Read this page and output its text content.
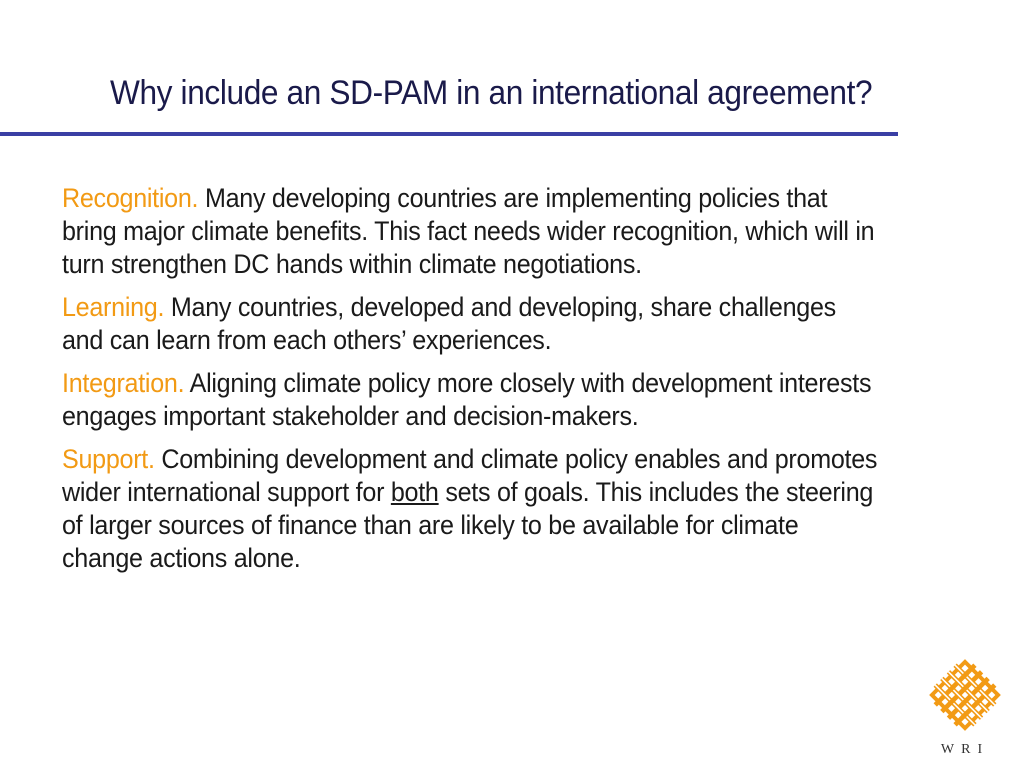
Why include an SD-PAM in an international agreement?

Recognition. Many developing countries are implementing policies that bring major climate benefits. This fact needs wider recognition, which will in turn strengthen DC hands within climate negotiations.

Learning. Many countries, developed and developing, share challenges and can learn from each others’ experiences.

Integration. Aligning climate policy more closely with development interests engages important stakeholder and decision-makers.

Support. Combining development and climate policy enables and promotes wider international support for both sets of goals. This includes the steering of larger sources of finance than are likely to be available for climate change actions alone.

WRI
